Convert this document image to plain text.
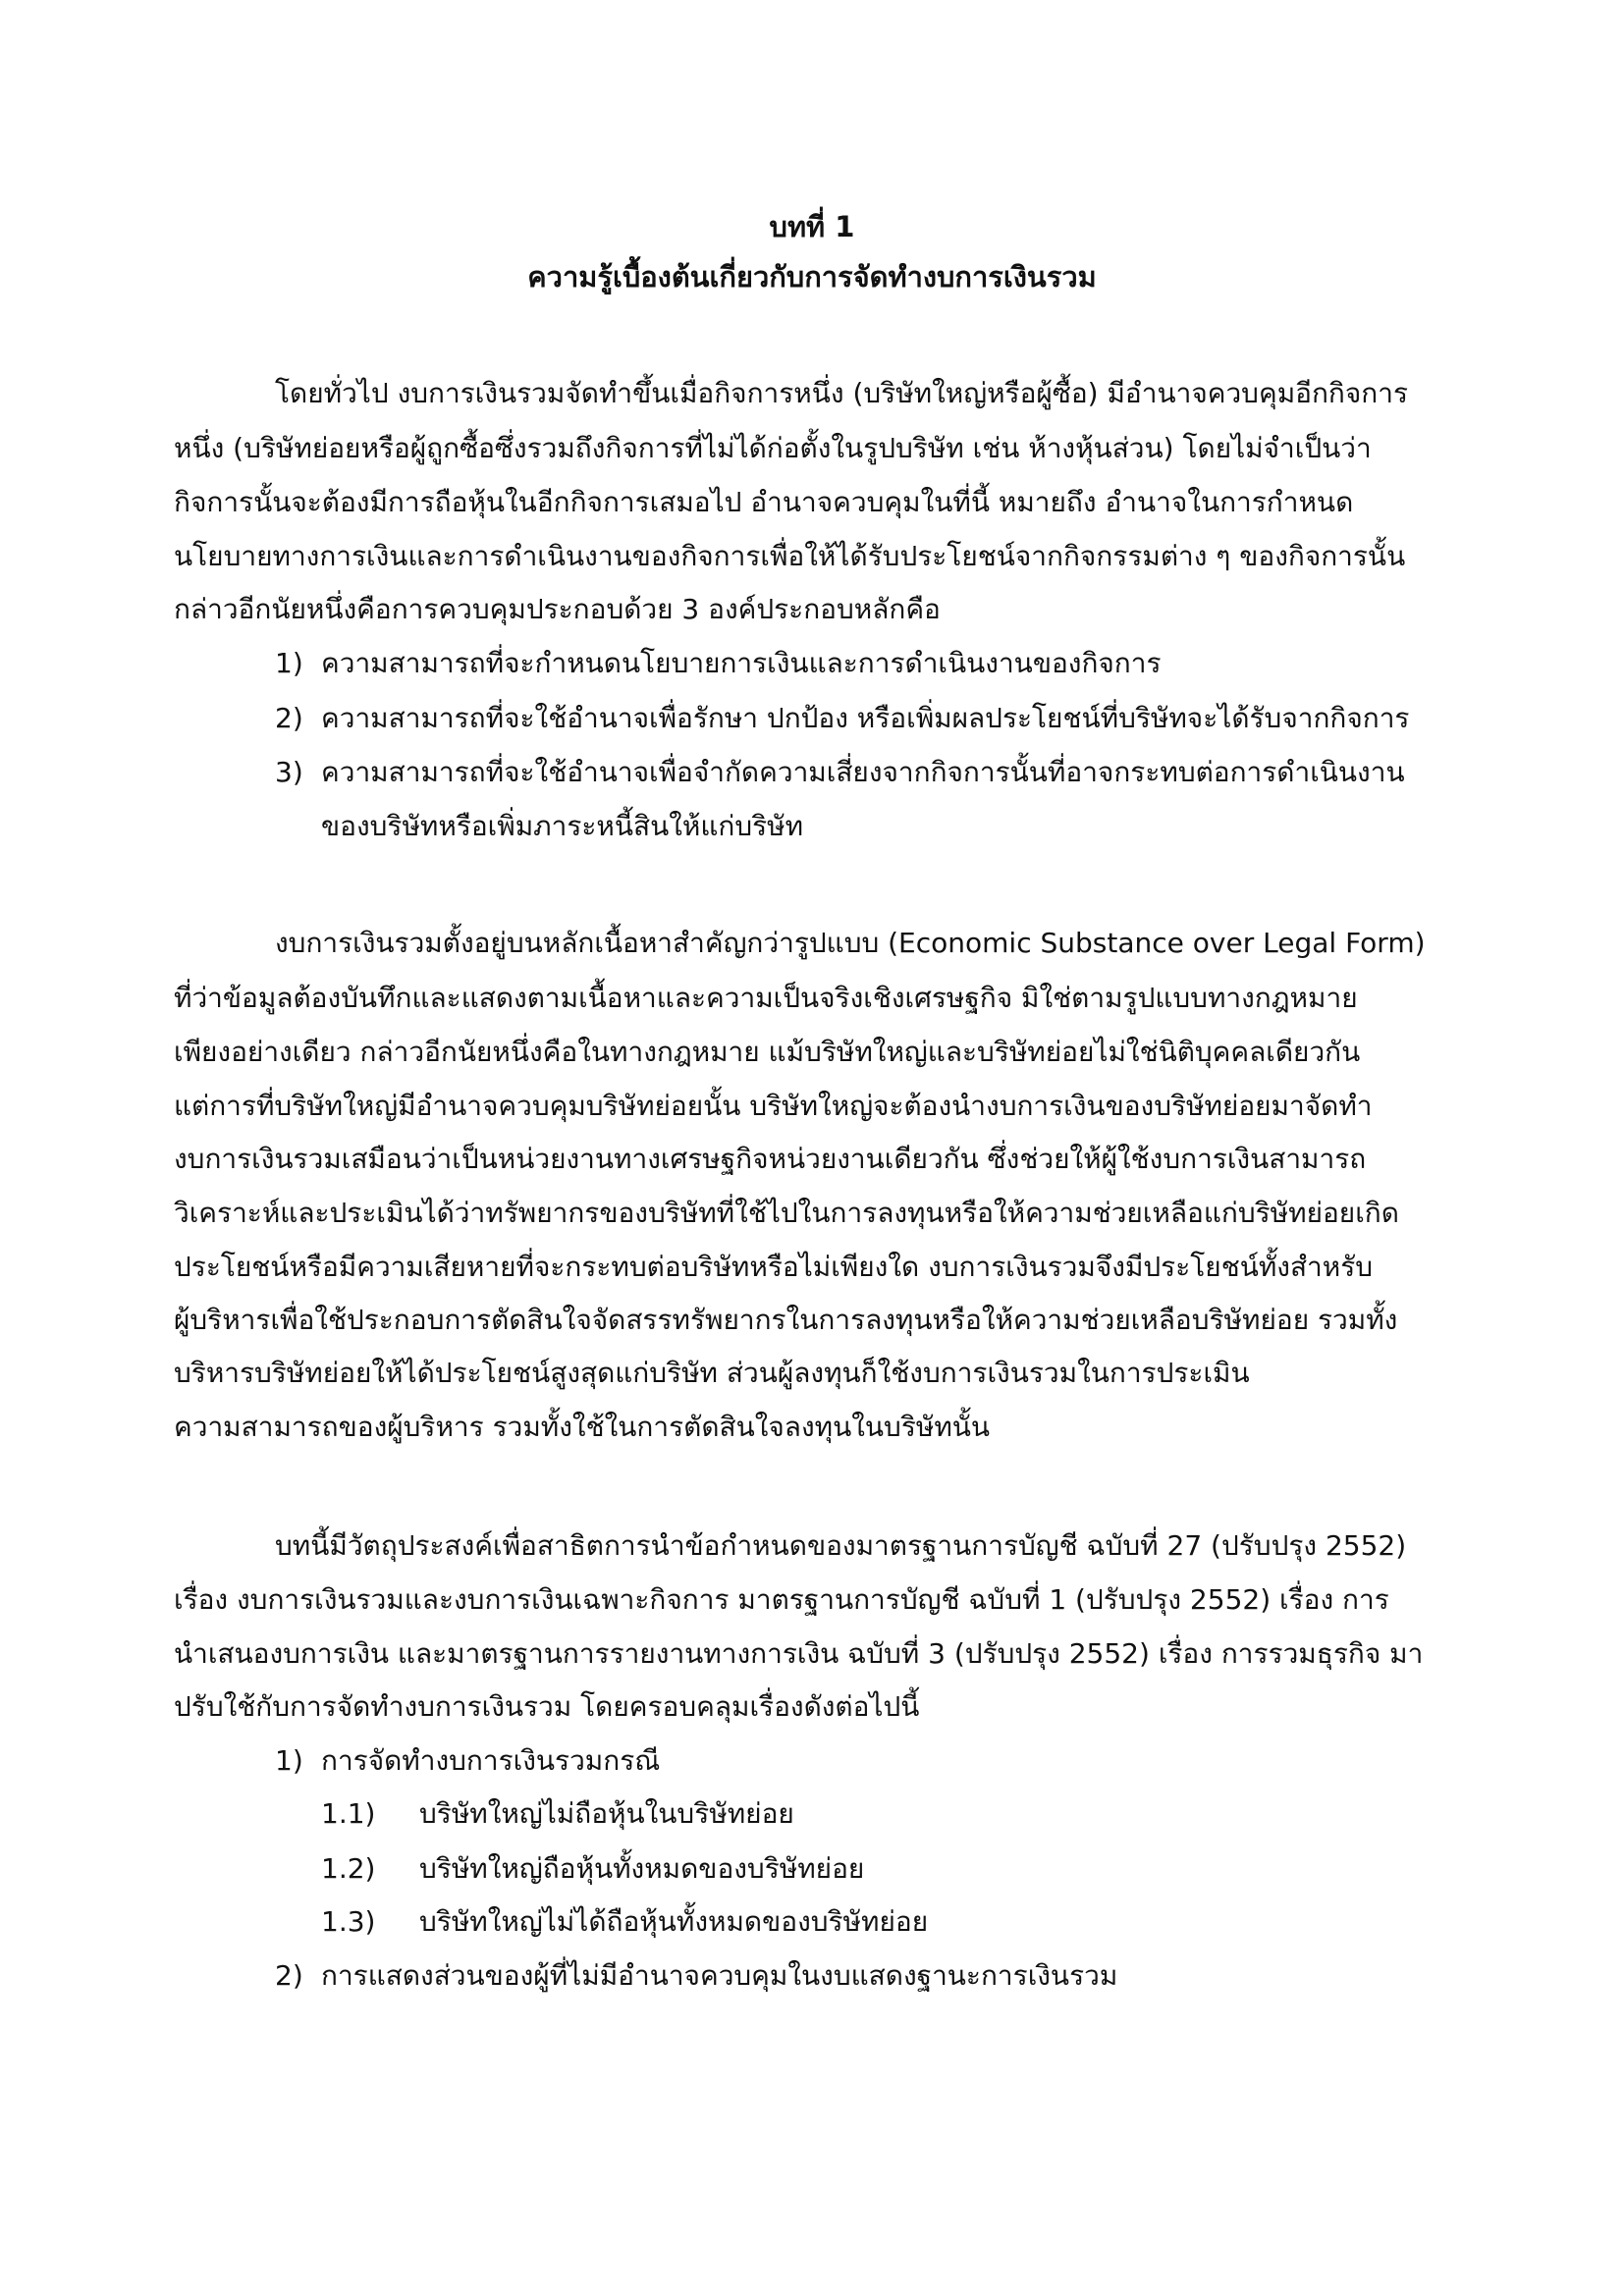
บทที่ 1
ความรู้เบื้องต้นเกี่ยวกับการจัดทำงบการเงินรวม
โดยทั่วไป งบการเงินรวมจัดทำขึ้นเมื่อกิจการหนึ่ง (บริษัทใหญ่หรือผู้ซื้อ) มีอำนาจควบคุมอีกกิจการ
หนึ่ง (บริษัทย่อยหรือผู้ถูกซื้อซึ่งรวมถึงกิจการที่ไม่ได้ก่อตั้งในรูปบริษัท เช่น ห้างหุ้นส่วน) โดยไม่จำเป็นว่า
กิจการนั้นจะต้องมีการถือหุ้นในอีกกิจการเสมอไป อำนาจควบคุมในที่นี้ หมายถึง อำนาจในการกำหนด
นโยบายทางการเงินและการดำเนินงานของกิจการเพื่อให้ได้รับประโยชน์จากกิจกรรมต่าง ๆ ของกิจการนั้น
กล่าวอีกนัยหนึ่งคือการควบคุมประกอบด้วย 3 องค์ประกอบหลักคือ
1) ความสามารถที่จะกำหนดนโยบายการเงินและการดำเนินงานของกิจการ
2) ความสามารถที่จะใช้อำนาจเพื่อรักษา ปกป้อง หรือเพิ่มผลประโยชน์ที่บริษัทจะได้รับจากกิจการ
3) ความสามารถที่จะใช้อำนาจเพื่อจำกัดความเสี่ยงจากกิจการนั้นที่อาจกระทบต่อการดำเนินงาน
ของบริษัทหรือเพิ่มภาระหนี้สินให้แก่บริษัท
งบการเงินรวมตั้งอยู่บนหลักเนื้อหาสำคัญกว่ารูปแบบ (Economic Substance over Legal Form)
ที่ว่าข้อมูลต้องบันทึกและแสดงตามเนื้อหาและความเป็นจริงเชิงเศรษฐกิจ มิใช่ตามรูปแบบทางกฎหมาย
เพียงอย่างเดียว กล่าวอีกนัยหนึ่งคือในทางกฎหมาย แม้บริษัทใหญ่และบริษัทย่อยไม่ใช่นิติบุคคลเดียวกัน
แต่การที่บริษัทใหญ่มีอำนาจควบคุมบริษัทย่อยนั้น บริษัทใหญ่จะต้องนำงบการเงินของบริษัทย่อยมาจัดทำ
งบการเงินรวมเสมือนว่าเป็นหน่วยงานทางเศรษฐกิจหน่วยงานเดียวกัน ซึ่งช่วยให้ผู้ใช้งบการเงินสามารถ
วิเคราะห์และประเมินได้ว่าทรัพยากรของบริษัทที่ใช้ไปในการลงทุนหรือให้ความช่วยเหลือแก่บริษัทย่อยเกิด
ประโยชน์หรือมีความเสียหายที่จะกระทบต่อบริษัทหรือไม่เพียงใด งบการเงินรวมจึงมีประโยชน์ทั้งสำหรับ
ผู้บริหารเพื่อใช้ประกอบการตัดสินใจจัดสรรทรัพยากรในการลงทุนหรือให้ความช่วยเหลือบริษัทย่อย รวมทั้ง
บริหารบริษัทย่อยให้ได้ประโยชน์สูงสุดแก่บริษัท ส่วนผู้ลงทุนก็ใช้งบการเงินรวมในการประเมิน
ความสามารถของผู้บริหาร รวมทั้งใช้ในการตัดสินใจลงทุนในบริษัทนั้น
บทนี้มีวัตถุประสงค์เพื่อสาธิตการนำข้อกำหนดของมาตรฐานการบัญชี ฉบับที่ 27 (ปรับปรุง 2552)
เรื่อง งบการเงินรวมและงบการเงินเฉพาะกิจการ มาตรฐานการบัญชี ฉบับที่ 1 (ปรับปรุง 2552) เรื่อง การ
นำเสนองบการเงิน และมาตรฐานการรายงานทางการเงิน ฉบับที่ 3 (ปรับปรุง 2552) เรื่อง การรวมธุรกิจ มา
ปรับใช้กับการจัดทำงบการเงินรวม โดยครอบคลุมเรื่องดังต่อไปนี้
1) การจัดทำงบการเงินรวมกรณี
1.1) บริษัทใหญ่ไม่ถือหุ้นในบริษัทย่อย
1.2) บริษัทใหญ่ถือหุ้นทั้งหมดของบริษัทย่อย
1.3) บริษัทใหญ่ไม่ได้ถือหุ้นทั้งหมดของบริษัทย่อย
2) การแสดงส่วนของผู้ที่ไม่มีอำนาจควบคุมในงบแสดงฐานะการเงินรวม
